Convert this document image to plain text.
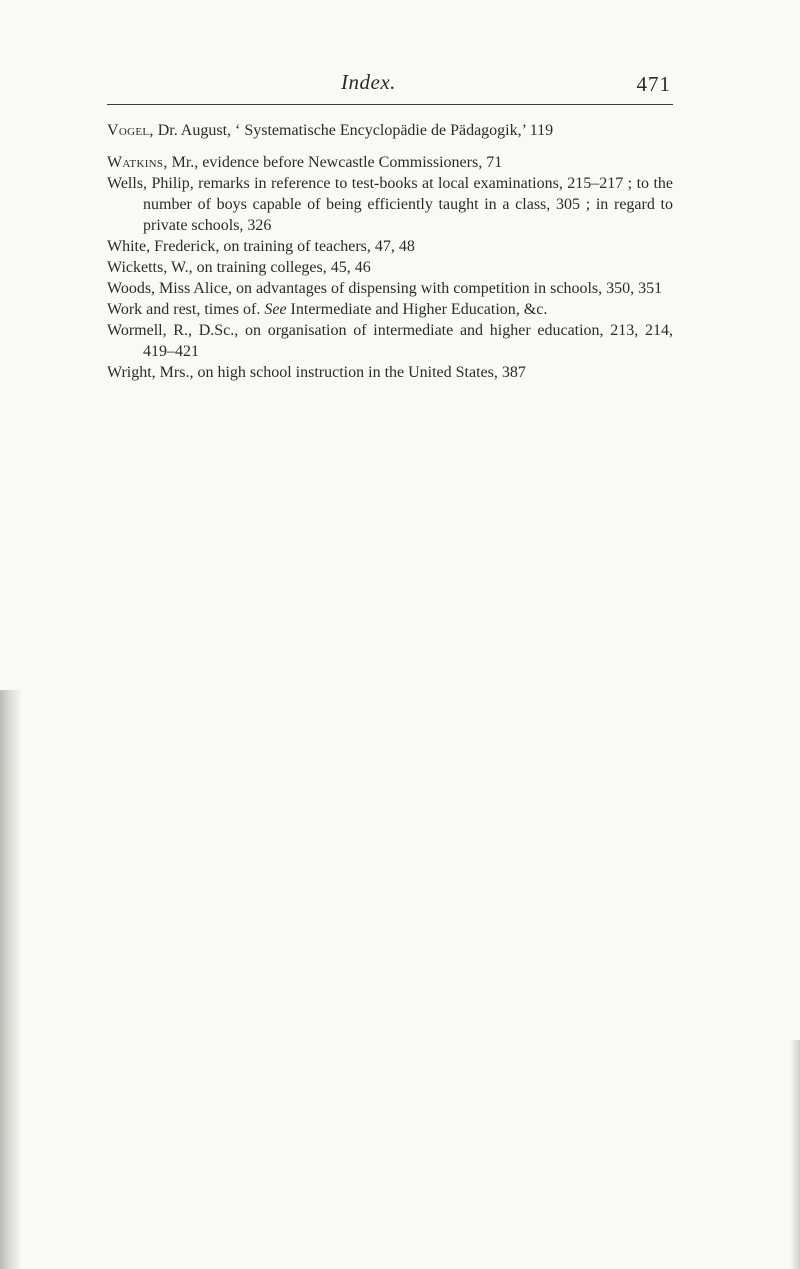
Index.	471
Vogel, Dr. August, ‘ Systematische Encyclopädie de Pädagogik,’ 119
Watkins, Mr., evidence before Newcastle Commissioners, 71
Wells, Philip, remarks in reference to test-books at local examinations, 215–217 ; to the number of boys capable of being efficiently taught in a class, 305 ; in regard to private schools, 326
White, Frederick, on training of teachers, 47, 48
Wicketts, W., on training colleges, 45, 46
Woods, Miss Alice, on advantages of dispensing with competition in schools, 350, 351
Work and rest, times of. See Intermediate and Higher Education, &c.
Wormell, R., D.Sc., on organisation of intermediate and higher education, 213, 214, 419–421
Wright, Mrs., on high school instruction in the United States, 387
